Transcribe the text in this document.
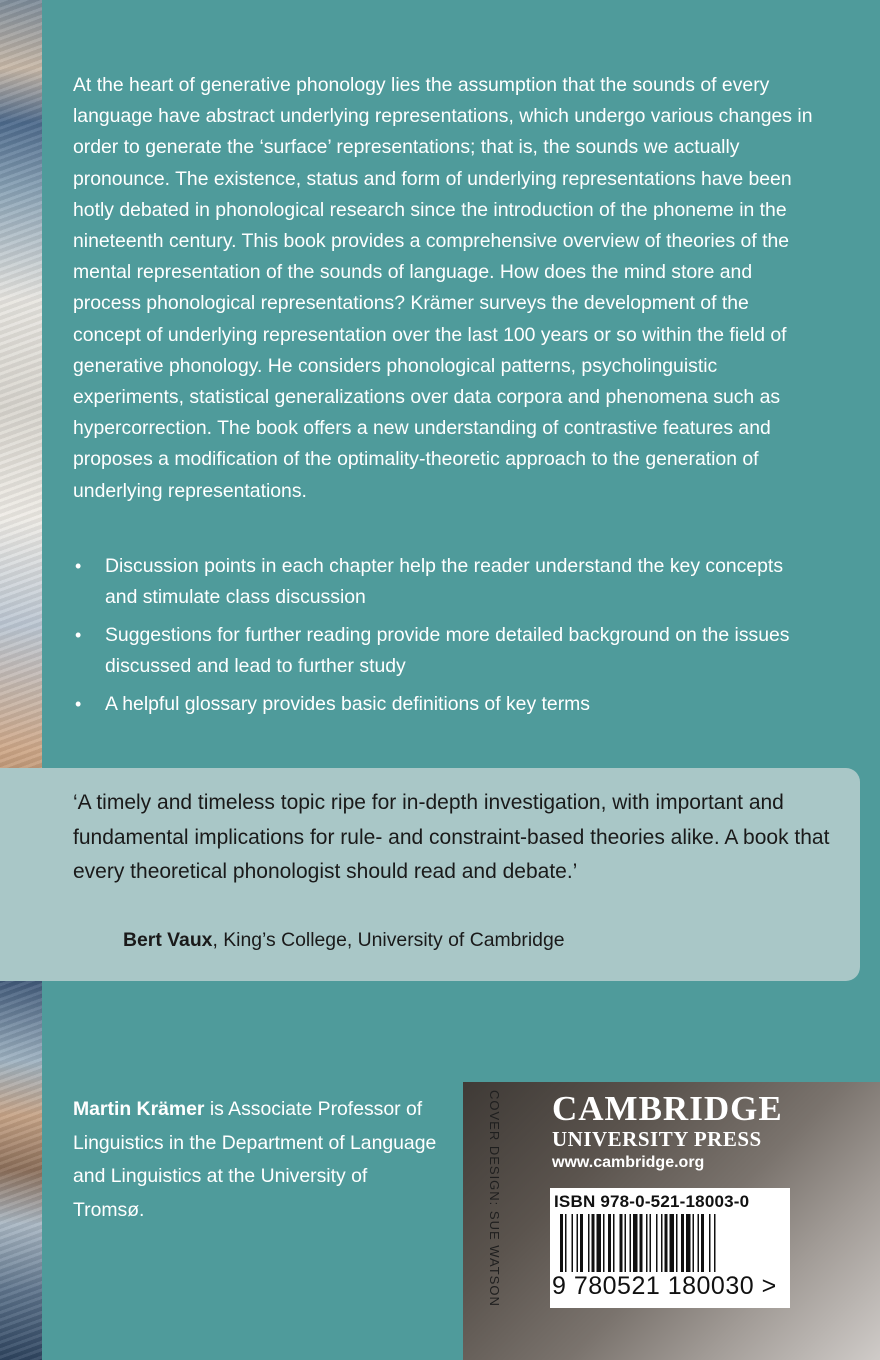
At the heart of generative phonology lies the assumption that the sounds of every language have abstract underlying representations, which undergo various changes in order to generate the ‘surface’ representations; that is, the sounds we actually pronounce. The existence, status and form of underlying representations have been hotly debated in phonological research since the introduction of the phoneme in the nineteenth century. This book provides a comprehensive overview of theories of the mental representation of the sounds of language. How does the mind store and process phonological representations? Krämer surveys the development of the concept of underlying representation over the last 100 years or so within the field of generative phonology. He considers phonological patterns, psycholinguistic experiments, statistical generalizations over data corpora and phenomena such as hypercorrection. The book offers a new understanding of contrastive features and proposes a modification of the optimality-theoretic approach to the generation of underlying representations.

• Discussion points in each chapter help the reader understand the key concepts and stimulate class discussion
• Suggestions for further reading provide more detailed background on the issues discussed and lead to further study
• A helpful glossary provides basic definitions of key terms

‘A timely and timeless topic ripe for in-depth investigation, with important and fundamental implications for rule- and constraint-based theories alike. A book that every theoretical phonologist should read and debate.’

Bert Vaux, King’s College, University of Cambridge

Martin Krämer is Associate Professor of Linguistics in the Department of Language and Linguistics at the University of Tromsø.	COVER DESIGN: SUE WATSON CAMBRIDGE
UNIVERSITY PRESS
www.cambridge.org
ISBN 978-0-521-18003-0
9 780521 180030 >
